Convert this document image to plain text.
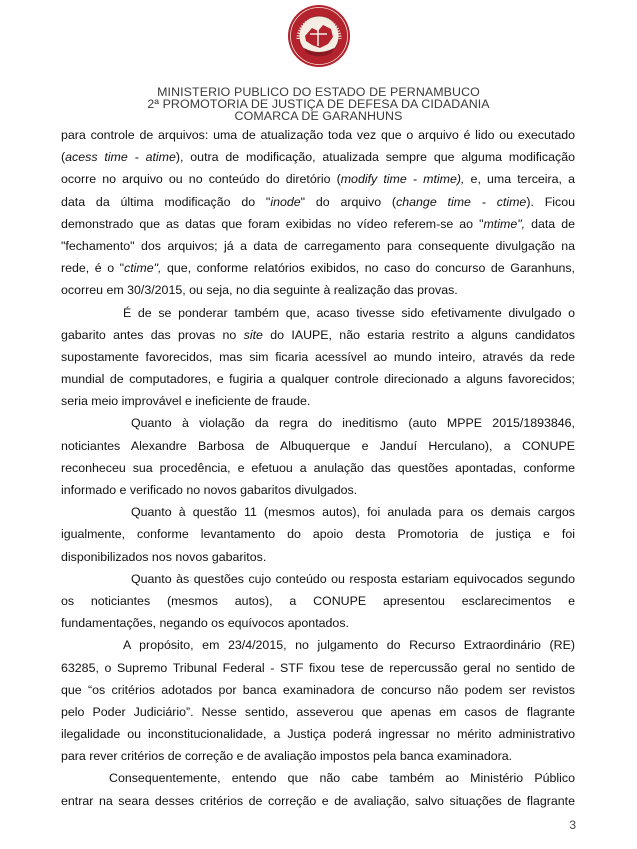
MINISTERIO PUBLICO DO ESTADO DE PERNAMBUCO
2ª PROMOTORIA DE JUSTIÇA DE DEFESA DA CIDADANIA
COMARCA DE GARANHUNS
para controle de arquivos: uma de atualização toda vez que o arquivo é lido ou executado
(acess time - atime), outra de modificação, atualizada sempre que alguma modificação
ocorre no arquivo ou no conteúdo do diretório (modify time - mtime), e, uma terceira, a
data da última modificação do "inode" do arquivo (change time - ctime). Ficou
demonstrado que as datas que foram exibidas no vídeo referem-se ao "mtime", data de
"fechamento" dos arquivos; já a data de carregamento para consequente divulgação na
rede, é o "ctime", que, conforme relatórios exibidos, no caso do concurso de Garanhuns,
ocorreu em 30/3/2015, ou seja, no dia seguinte à realização das provas.
É de se ponderar também que, acaso tivesse sido efetivamente divulgado o
gabarito antes das provas no site do IAUPE, não estaria restrito a alguns candidatos
supostamente favorecidos, mas sim ficaria acessível ao mundo inteiro, através da rede
mundial de computadores, e fugiria a qualquer controle direcionado a alguns favorecidos;
seria meio improvável e ineficiente de fraude.
Quanto à violação da regra do ineditismo (auto MPPE 2015/1893846,
noticiantes Alexandre Barbosa de Albuquerque e Janduí Herculano), a CONUPE
reconheceu sua procedência, e efetuou a anulação das questões apontadas, conforme
informado e verificado no novos gabaritos divulgados.
Quanto à questão 11 (mesmos autos), foi anulada para os demais cargos
igualmente, conforme levantamento do apoio desta Promotoria de justiça e foi
disponibilizados nos novos gabaritos.
Quanto às questões cujo conteúdo ou resposta estariam equivocados segundo
os noticiantes (mesmos autos), a CONUPE apresentou esclarecimentos e
fundamentações, negando os equívocos apontados.
A propósito, em 23/4/2015, no julgamento do Recurso Extraordinário (RE)
63285, o Supremo Tribunal Federal - STF fixou tese de repercussão geral no sentido de
que “os critérios adotados por banca examinadora de concurso não podem ser revistos
pelo Poder Judiciário”. Nesse sentido, asseverou que apenas em casos de flagrante
ilegalidade ou inconstitucionalidade, a Justiça poderá ingressar no mérito administrativo
para rever critérios de correção e de avaliação impostos pela banca examinadora.
Consequentemente, entendo que não cabe também ao Ministério Público
entrar na seara desses critérios de correção e de avaliação, salvo situações de flagrante
3
